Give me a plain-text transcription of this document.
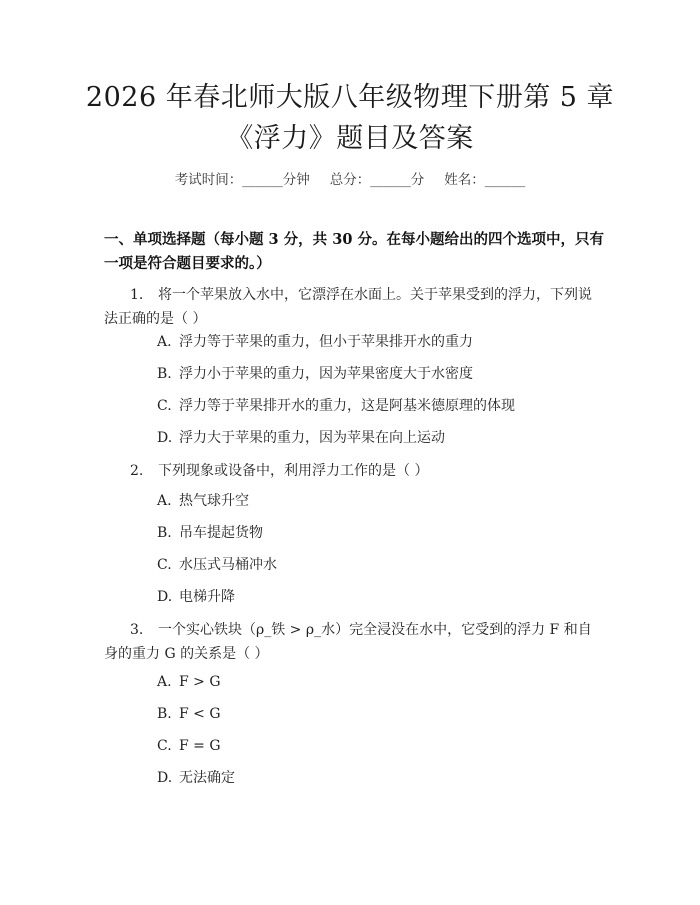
2026 年春北师大版八年级物理下册第 5 章
《浮力》题目及答案
考试时间：______分钟 总分：______分 姓名：______
一、单项选择题（每小题 3 分，共 30 分。在每小题给出的四个选项中，只有一项是符合题目要求的。）
1. 将一个苹果放入水中，它漂浮在水面上。关于苹果受到的浮力，下列说法正确的是（ ）
A. 浮力等于苹果的重力，但小于苹果排开水的重力
B. 浮力小于苹果的重力，因为苹果密度大于水密度
C. 浮力等于苹果排开水的重力，这是阿基米德原理的体现
D. 浮力大于苹果的重力，因为苹果在向上运动
2. 下列现象或设备中，利用浮力工作的是（ ）
A. 热气球升空
B. 吊车提起货物
C. 水压式马桶冲水
D. 电梯升降
3. 一个实心铁块（ρ_铁 > ρ_水）完全浸没在水中，它受到的浮力 F 和自身的重力 G 的关系是（ ）
A. F > G
B. F < G
C. F = G
D. 无法确定
